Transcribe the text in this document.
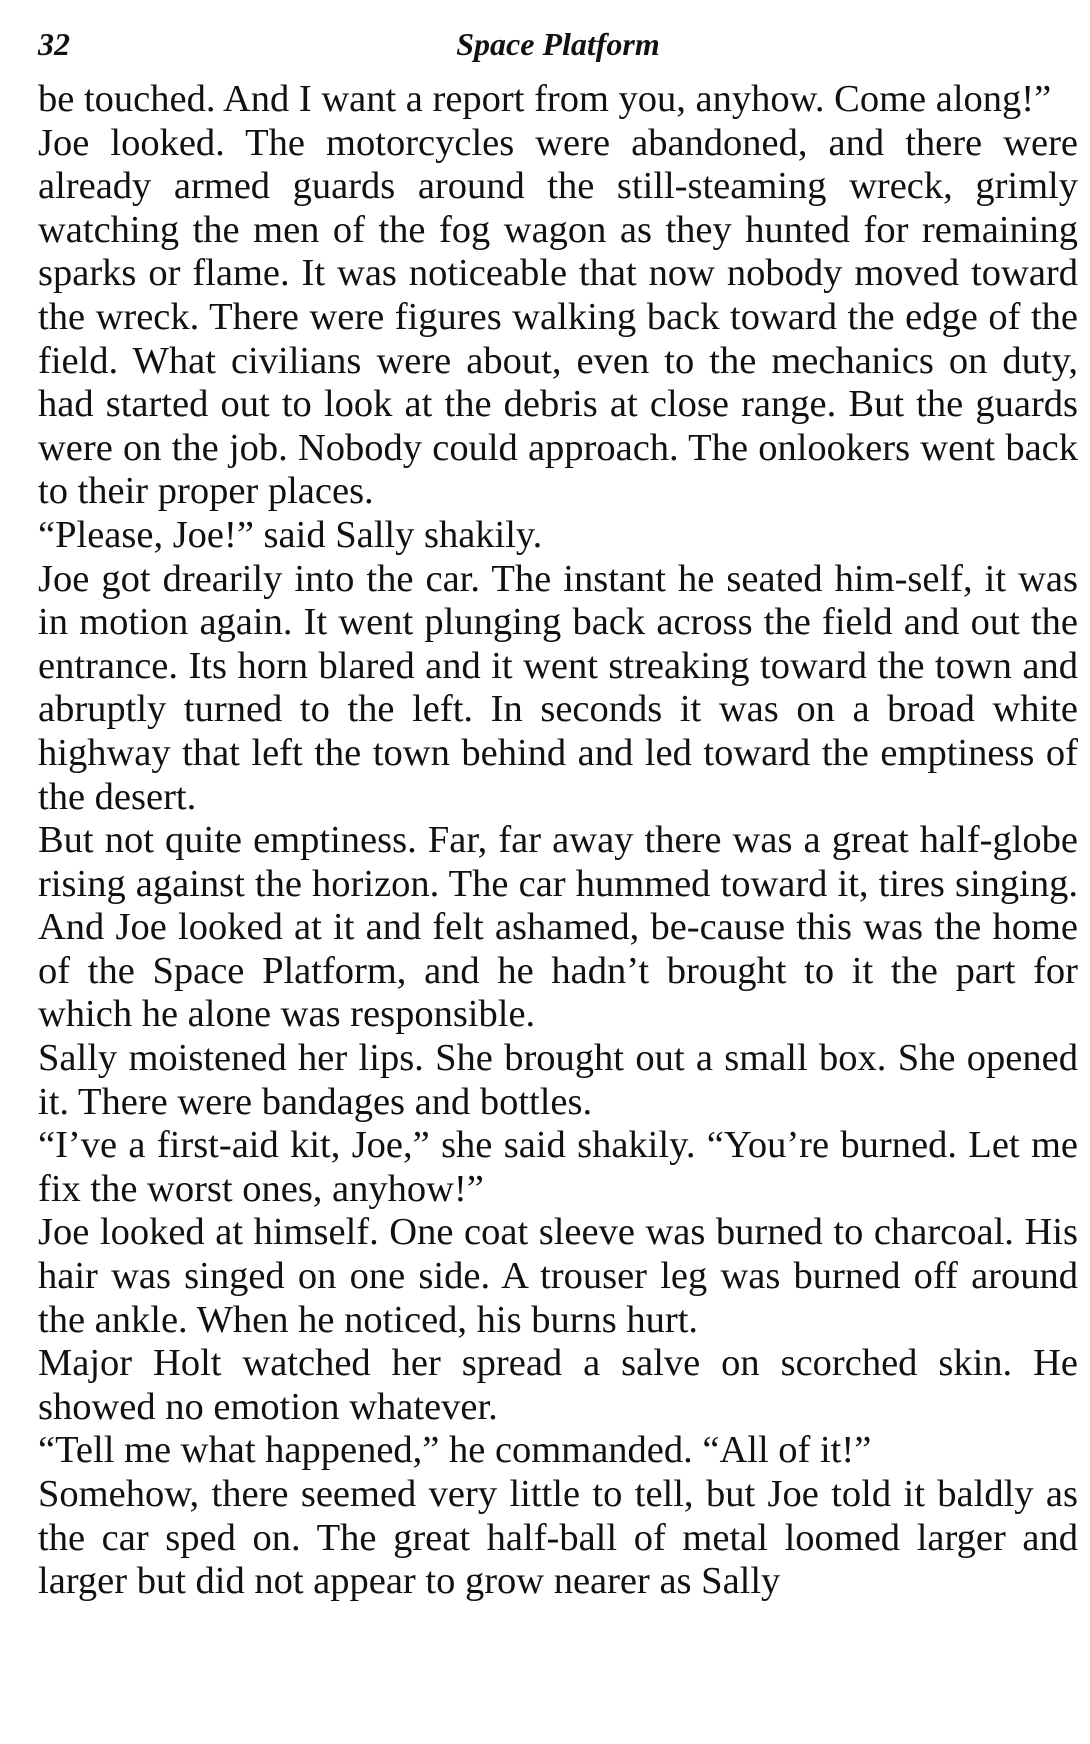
32	Space Platform

be touched. And I want a report from you, anyhow. Come along!”

Joe looked. The motorcycles were abandoned, and there were already armed guards around the still-steaming wreck, grimly watching the men of the fog wagon as they hunted for remaining sparks or flame. It was noticeable that now nobody moved toward the wreck. There were figures walking back toward the edge of the field. What civilians were about, even to the mechanics on duty, had started out to look at the debris at close range. But the guards were on the job. Nobody could approach. The onlookers went back to their proper places.

“Please, Joe!” said Sally shakily.

Joe got drearily into the car. The instant he seated him-self, it was in motion again. It went plunging back across the field and out the entrance. Its horn blared and it went streaking toward the town and abruptly turned to the left. In seconds it was on a broad white highway that left the town behind and led toward the emptiness of the desert.

But not quite emptiness. Far, far away there was a great half-globe rising against the horizon. The car hummed toward it, tires singing. And Joe looked at it and felt ashamed, be-cause this was the home of the Space Platform, and he hadn’t brought to it the part for which he alone was responsible.

Sally moistened her lips. She brought out a small box. She opened it. There were bandages and bottles.

“I’ve a first-aid kit, Joe,” she said shakily. “You’re burned. Let me fix the worst ones, anyhow!”

Joe looked at himself. One coat sleeve was burned to charcoal. His hair was singed on one side. A trouser leg was burned off around the ankle. When he noticed, his burns hurt.

Major Holt watched her spread a salve on scorched skin. He showed no emotion whatever.

“Tell me what happened,” he commanded. “All of it!”

Somehow, there seemed very little to tell, but Joe told it baldly as the car sped on. The great half-ball of metal loomed larger and larger but did not appear to grow nearer as Sally
